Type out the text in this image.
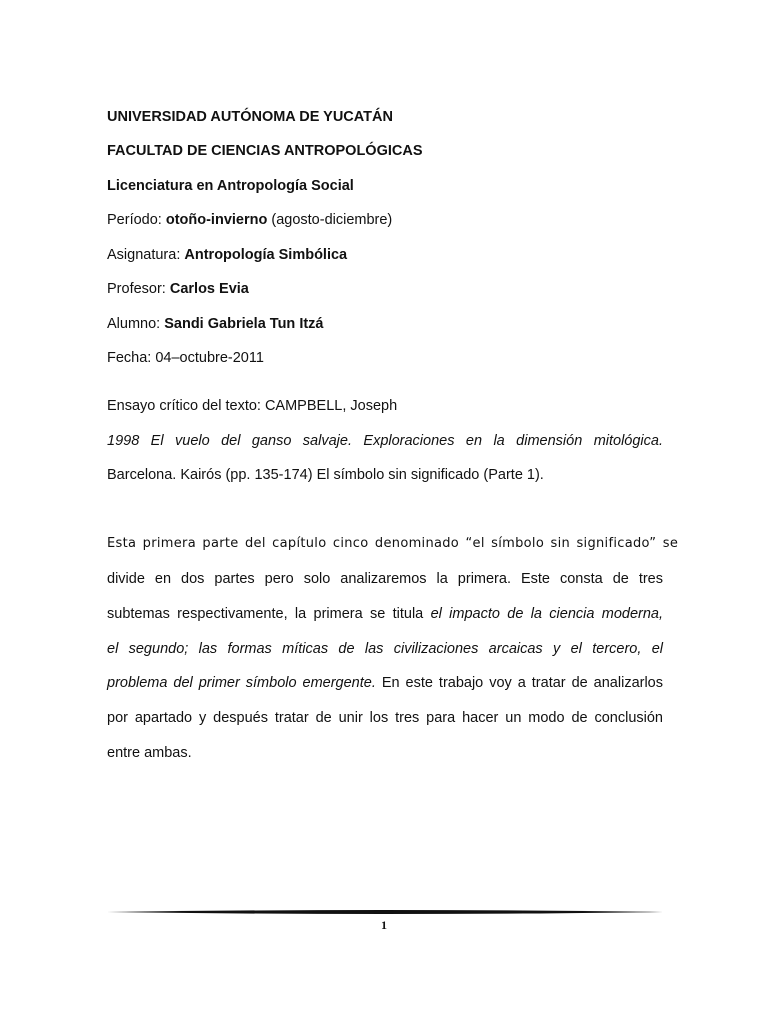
UNIVERSIDAD AUTÓNOMA DE YUCATÁN
FACULTAD DE CIENCIAS ANTROPOLÓGICAS
Licenciatura en Antropología Social
Período: otoño-invierno (agosto-diciembre)
Asignatura: Antropología Simbólica
Profesor: Carlos Evia
Alumno: Sandi Gabriela Tun Itzá
Fecha: 04–octubre-2011
Ensayo crítico del texto: CAMPBELL, Joseph
1998 El vuelo del ganso salvaje. Exploraciones en la dimensión mitológica.
Barcelona. Kairós (pp. 135-174) El símbolo sin significado (Parte 1).
Esta primera parte del capítulo cinco denominado “el símbolo sin significado” se
divide en dos partes pero solo analizaremos la primera. Este consta de tres
subtemas respectivamente, la primera se titula el impacto de la ciencia moderna,
el segundo; las formas míticas de las civilizaciones arcaicas y el tercero, el
problema del primer símbolo emergente. En este trabajo voy a tratar de analizarlos
por apartado y después tratar de unir los tres para hacer un modo de conclusión
entre ambas.
1
